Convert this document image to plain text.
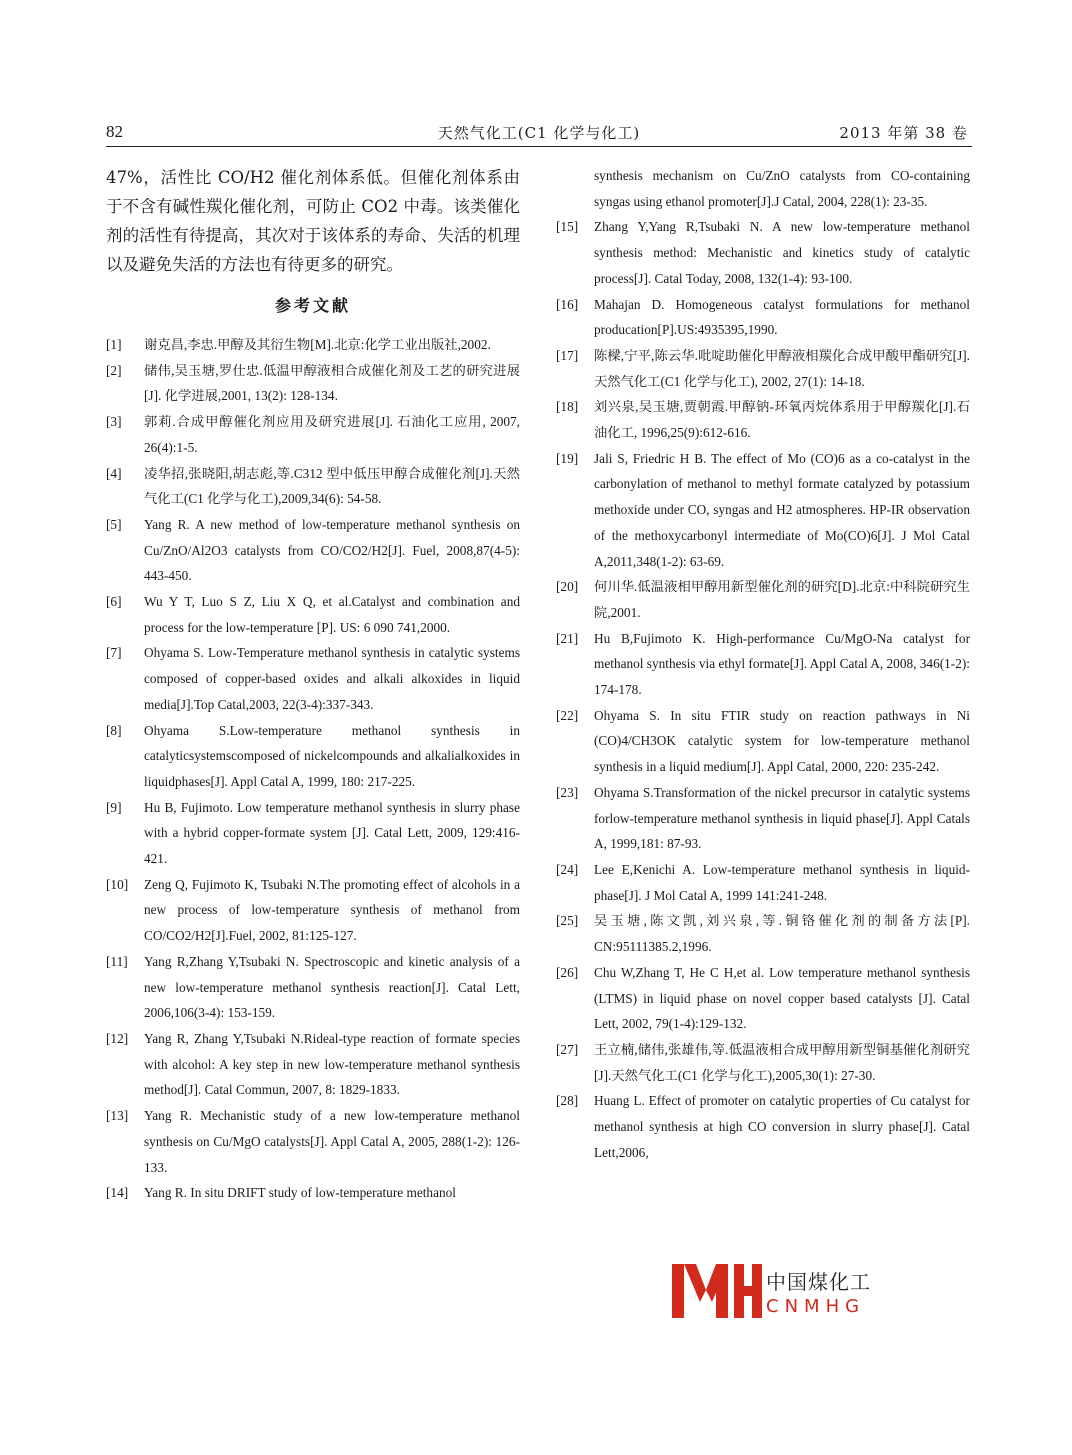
82	天然气化工(C1 化学与化工)	2013 年第 38 卷

47%，活性比 CO/H2 催化剂体系低。但催化剂体系由于不含有碱性羰化催化剂，可防止 CO2 中毒。该类催化剂的活性有待提高，其次对于该体系的寿命、失活的机理以及避免失活的方法也有待更多的研究。

参考文献
[1]	谢克昌,李忠.甲醇及其衍生物[M].北京:化学工业出版社,2002.
[2]	储伟,吴玉塘,罗仕忠.低温甲醇液相合成催化剂及工艺的研究进展[J]. 化学进展,2001, 13(2): 128-134.
[3]	郭莉.合成甲醇催化剂应用及研究进展[J]. 石油化工应用, 2007, 26(4):1-5.
[4]	凌华招,张晓阳,胡志彪,等.C312 型中低压甲醇合成催化剂[J].天然气化工(C1 化学与化工),2009,34(6): 54-58.
[5]	Yang R. A new method of low-temperature methanol synthesis on Cu/ZnO/Al2O3 catalysts from CO/CO2/H2[J]. Fuel, 2008,87(4-5): 443-450.
[6]	Wu Y T, Luo S Z, Liu X Q, et al.Catalyst and combination and process for the low-temperature [P]. US: 6 090 741,2000.
[7]	Ohyama S. Low-Temperature methanol synthesis in catalytic systems composed of copper-based oxides and alkali alkoxides in liquid media[J].Top Catal,2003, 22(3-4):337-343.
[8]	Ohyama S.Low-temperature methanol synthesis in catalyticsystemscomposed of nickelcompounds and alkalialkoxides in liquidphases[J]. Appl Catal A, 1999, 180: 217-225.
[9]	Hu B, Fujimoto. Low temperature methanol synthesis in slurry phase with a hybrid copper-formate system [J]. Catal Lett, 2009, 129:416-421.
[10]	Zeng Q, Fujimoto K, Tsubaki N.The promoting effect of alcohols in a new process of low-temperature synthesis of methanol from CO/CO2/H2[J].Fuel, 2002, 81:125-127.
[11]	Yang R,Zhang Y,Tsubaki N. Spectroscopic and kinetic analysis of a new low-temperature methanol synthesis reaction[J]. Catal Lett, 2006,106(3-4): 153-159.
[12]	Yang R, Zhang Y,Tsubaki N.Rideal-type reaction of formate species with alcohol: A key step in new low-temperature methanol synthesis method[J]. Catal Commun, 2007, 8: 1829-1833.
[13]	Yang R. Mechanistic study of a new low-temperature methanol synthesis on Cu/MgO catalysts[J]. Appl Catal A, 2005, 288(1-2): 126-133.
[14]	Yang R. In situ DRIFT study of low-temperature methanol
synthesis mechanism on Cu/ZnO catalysts from CO-containing syngas using ethanol promoter[J].J Catal, 2004, 228(1): 23-35.
[15]	Zhang Y,Yang R,Tsubaki N. A new low-temperature methanol synthesis method: Mechanistic and kinetics study of catalytic process[J]. Catal Today, 2008, 132(1-4): 93-100.
[16]	Mahajan D. Homogeneous catalyst formulations for methanol producation[P].US:4935395,1990.
[17]	陈樑,宁平,陈云华.吡啶助催化甲醇液相羰化合成甲酸甲酯研究[J]. 天然气化工(C1 化学与化工), 2002, 27(1): 14-18.
[18]	刘兴泉,吴玉塘,贾朝霞.甲醇钠-环氧丙烷体系用于甲醇羰化[J].石油化工, 1996,25(9):612-616.
[19]	Jali S, Friedric H B. The effect of Mo (CO)6 as a co-catalyst in the carbonylation of methanol to methyl formate catalyzed by potassium methoxide under CO, syngas and H2 atmospheres. HP-IR observation of the methoxycarbonyl intermediate of Mo(CO)6[J]. J Mol Catal A,2011,348(1-2): 63-69.
[20]	何川华.低温液相甲醇用新型催化剂的研究[D].北京:中科院研究生院,2001.
[21]	Hu B,Fujimoto K. High-performance Cu/MgO-Na catalyst for methanol synthesis via ethyl formate[J]. Appl Catal A, 2008, 346(1-2): 174-178.
[22]	Ohyama S. In situ FTIR study on reaction pathways in Ni (CO)4/CH3OK catalytic system for low-temperature methanol synthesis in a liquid medium[J]. Appl Catal, 2000, 220: 235-242.
[23]	Ohyama S.Transformation of the nickel precursor in catalytic systems forlow-temperature methanol synthesis in liquid phase[J]. Appl Catals A, 1999,181: 87-93.
[24]	Lee E,Kenichi A. Low-temperature methanol synthesis in liquid-phase[J]. J Mol Catal A, 1999 141:241-248.
[25]	吴玉塘,陈文凯,刘兴泉,等.铜铬催化剂的制备方法[P]. CN:95111385.2,1996.
[26]	Chu W,Zhang T, He C H,et al. Low temperature methanol synthesis (LTMS) in liquid phase on novel copper based catalysts [J]. Catal Lett, 2002, 79(1-4):129-132.
[27]	王立楠,储伟,张雄伟,等.低温液相合成甲醇用新型铜基催化剂研究[J].天然气化工(C1 化学与化工),2005,30(1): 27-30.
[28]	Huang L. Effect of promoter on catalytic properties of Cu catalyst for methanol synthesis at high CO conversion in slurry phase[J]. Catal Lett,2006,
中国煤化工
CNMHG
